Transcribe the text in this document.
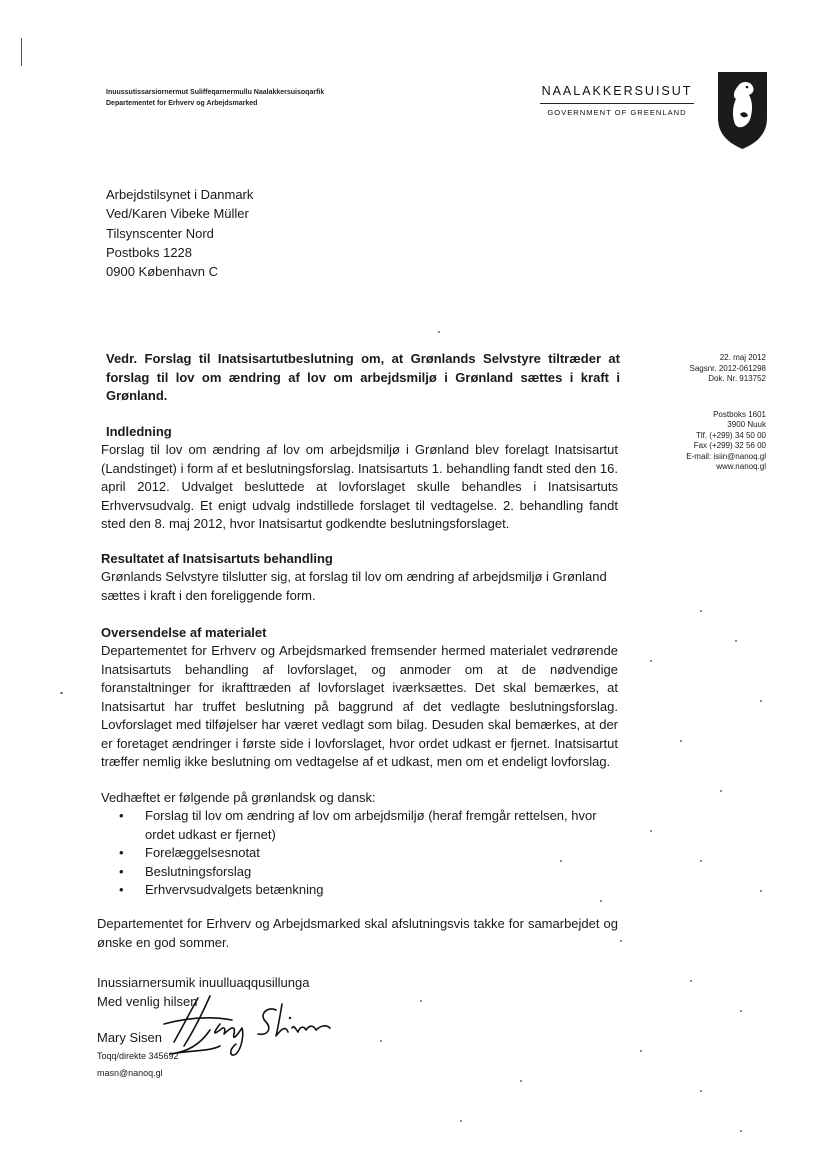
Inuussutissarsiornermut Suliffeqarnermullu Naalakkersuisoqarfik
Departementet for Erhverv og Arbejdsmarked
NAALAKKERSUISUT
GOVERNMENT OF GREENLAND
Arbejdstilsynet i Danmark
Ved/Karen Vibeke Müller
Tilsynscenter Nord
Postboks 1228
0900 København C
Vedr. Forslag til Inatsisartutbeslutning om, at Grønlands Selvstyre tiltræder at forslag til lov om ændring af lov om arbejdsmiljø i Grønland sættes i kraft i Grønland.
22. maj 2012
Sagsnr. 2012-061298
Dok. Nr. 913752
Postboks 1601
3900 Nuuk
Tlf. (+299) 34 50 00
Fax (+299) 32 56 00
E-mail: isiin@nanoq.gl
www.nanoq.gl
Indledning
Forslag til lov om ændring af lov om arbejdsmiljø i Grønland blev forelagt Inatsisartut (Landstinget) i form af et beslutningsforslag. Inatsisartuts 1. behandling fandt sted den 16. april 2012. Udvalget besluttede at lovforslaget skulle behandles i Inatsisartuts Erhvervsudvalg. Et enigt udvalg indstillede forslaget til vedtagelse. 2. behandling fandt sted den 8. maj 2012, hvor Inatsisartut godkendte beslutningsforslaget.
Resultatet af Inatsisartuts behandling
Grønlands Selvstyre tilslutter sig, at forslag til lov om ændring af arbejdsmiljø i Grønland sættes i kraft i den foreliggende form.
Oversendelse af materialet
Departementet for Erhverv og Arbejdsmarked fremsender hermed materialet vedrørende Inatsisartuts behandling af lovforslaget, og anmoder om at de nødvendige foranstaltninger for ikrafttræden af lovforslaget iværksættes. Det skal bemærkes, at Inatsisartut har truffet beslutning på baggrund af det vedlagte beslutningsforslag. Lovforslaget med tilføjelser har været vedlagt som bilag. Desuden skal bemærkes, at der er foretaget ændringer i første side i lovforslaget, hvor ordet udkast er fjernet. Inatsisartut træffer nemlig ikke beslutning om vedtagelse af et udkast, men om et endeligt lovforslag.
Vedhæftet er følgende på grønlandsk og dansk:
• Forslag til lov om ændring af lov om arbejdsmiljø (heraf fremgår rettelsen, hvor ordet udkast er fjernet)
• Forelæggelsesnotat
• Beslutningsforslag
• Erhvervsudvalgets betænkning
Departementet for Erhverv og Arbejdsmarked skal afslutningsvis takke for samarbejdet og ønske en god sommer.
Inussiarnersumik inuulluaqqusillunga
Med venlig hilsen
Mary Sisen
Toqq/direkte 345692
masn@nanoq.gl
